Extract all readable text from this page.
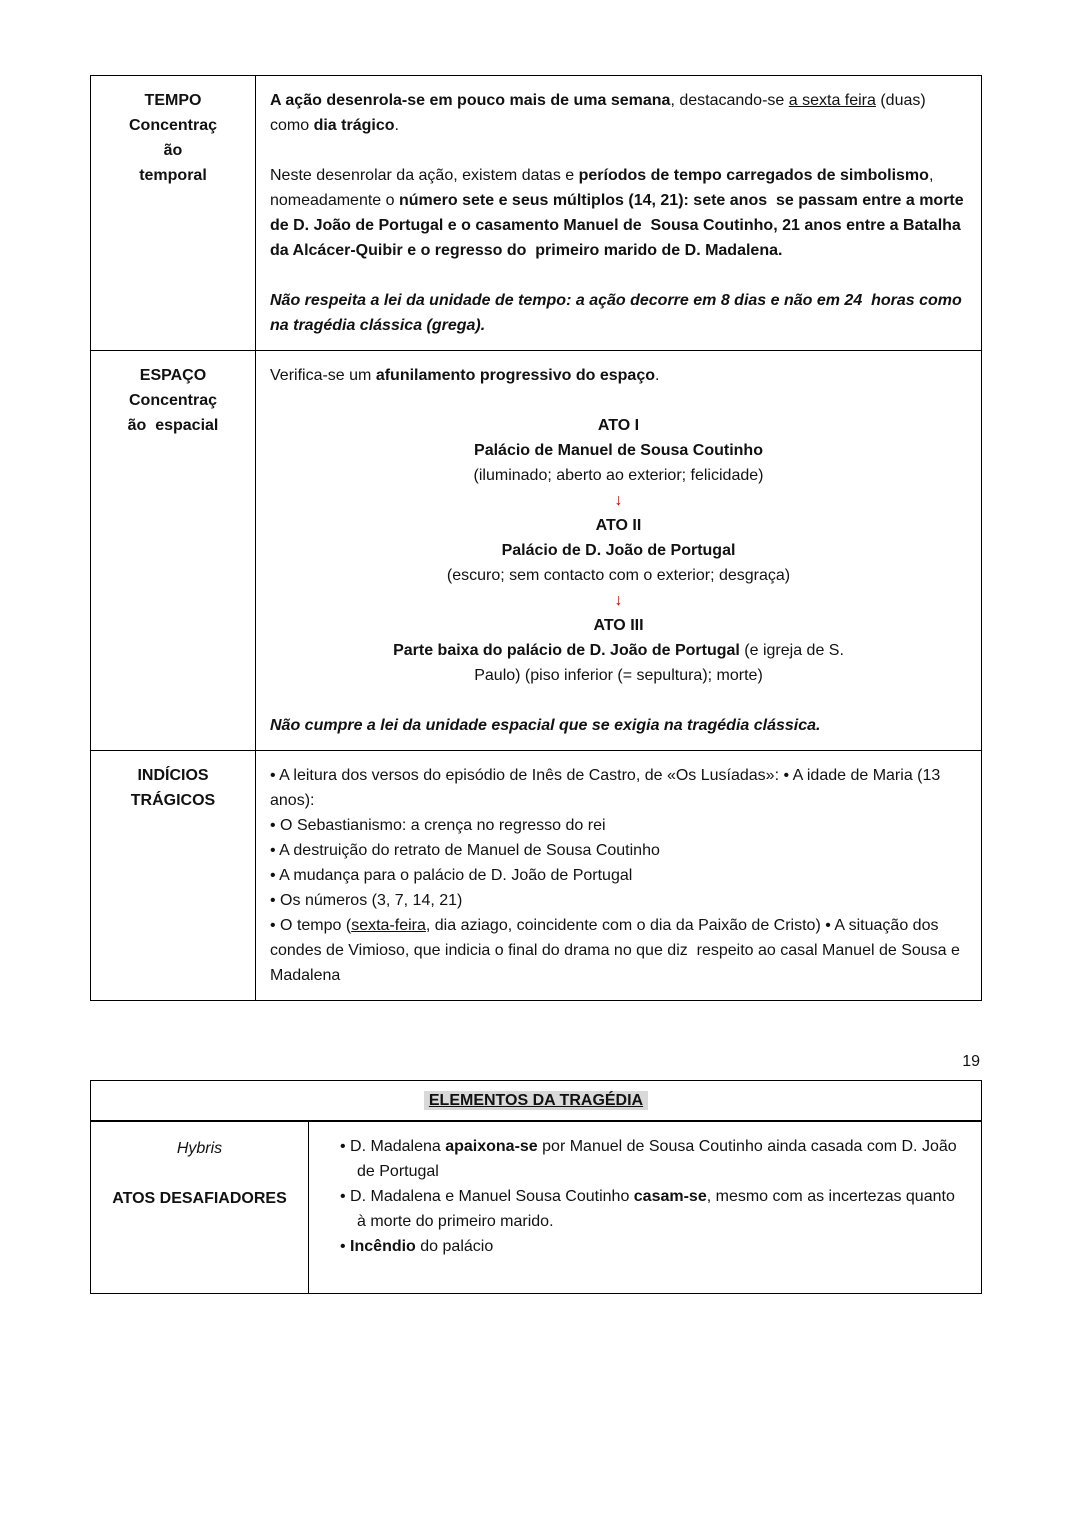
TEMPO
Concentraç
ão
temporal
A ação desenrola-se em pouco mais de uma semana, destacando-se a sexta feira (duas) como dia trágico.
Neste desenrolar da ação, existem datas e períodos de tempo carregados de simbolismo, nomeadamente o número sete e seus múltiplos (14, 21): sete anos  se passam entre a morte de D. João de Portugal e o casamento Manuel de  Sousa Coutinho, 21 anos entre a Batalha da Alcácer-Quibir e o regresso do  primeiro marido de D. Madalena.
Não respeita a lei da unidade de tempo: a ação decorre em 8 dias e não em 24  horas como na tragédia clássica (grega).
ESPAÇO
Concentraç
ão  espacial
Verifica-se um afunilamento progressivo do espaço.
ATO I
Palácio de Manuel de Sousa Coutinho
(iluminado; aberto ao exterior; felicidade)
↓
ATO II
Palácio de D. João de Portugal
(escuro; sem contacto com o exterior; desgraça)
↓
ATO III
Parte baixa do palácio de D. João de Portugal (e igreja de S.
Paulo) (piso inferior (= sepultura); morte)
Não cumpre a lei da unidade espacial que se exigia na tragédia clássica.
INDÍCIOS
TRÁGICOS
• A leitura dos versos do episódio de Inês de Castro, de «Os Lusíadas»: • A idade de Maria (13 anos):
• O Sebastianismo: a crença no regresso do rei
• A destruição do retrato de Manuel de Sousa Coutinho
• A mudança para o palácio de D. João de Portugal
• Os números (3, 7, 14, 21)
• O tempo (sexta-feira, dia aziago, coincidente com o dia da Paixão de Cristo) • A situação dos condes de Vimioso, que indicia o final do drama no que diz  respeito ao casal Manuel de Sousa e Madalena
19
ELEMENTOS DA TRAGÉDIA
Hybris
ATOS DESAFIADORES
• D. Madalena apaixona-se por Manuel de Sousa Coutinho ainda casada com D. João de Portugal
• D. Madalena e Manuel Sousa Coutinho casam-se, mesmo com as incertezas quanto à morte do primeiro marido.
• Incêndio do palácio
